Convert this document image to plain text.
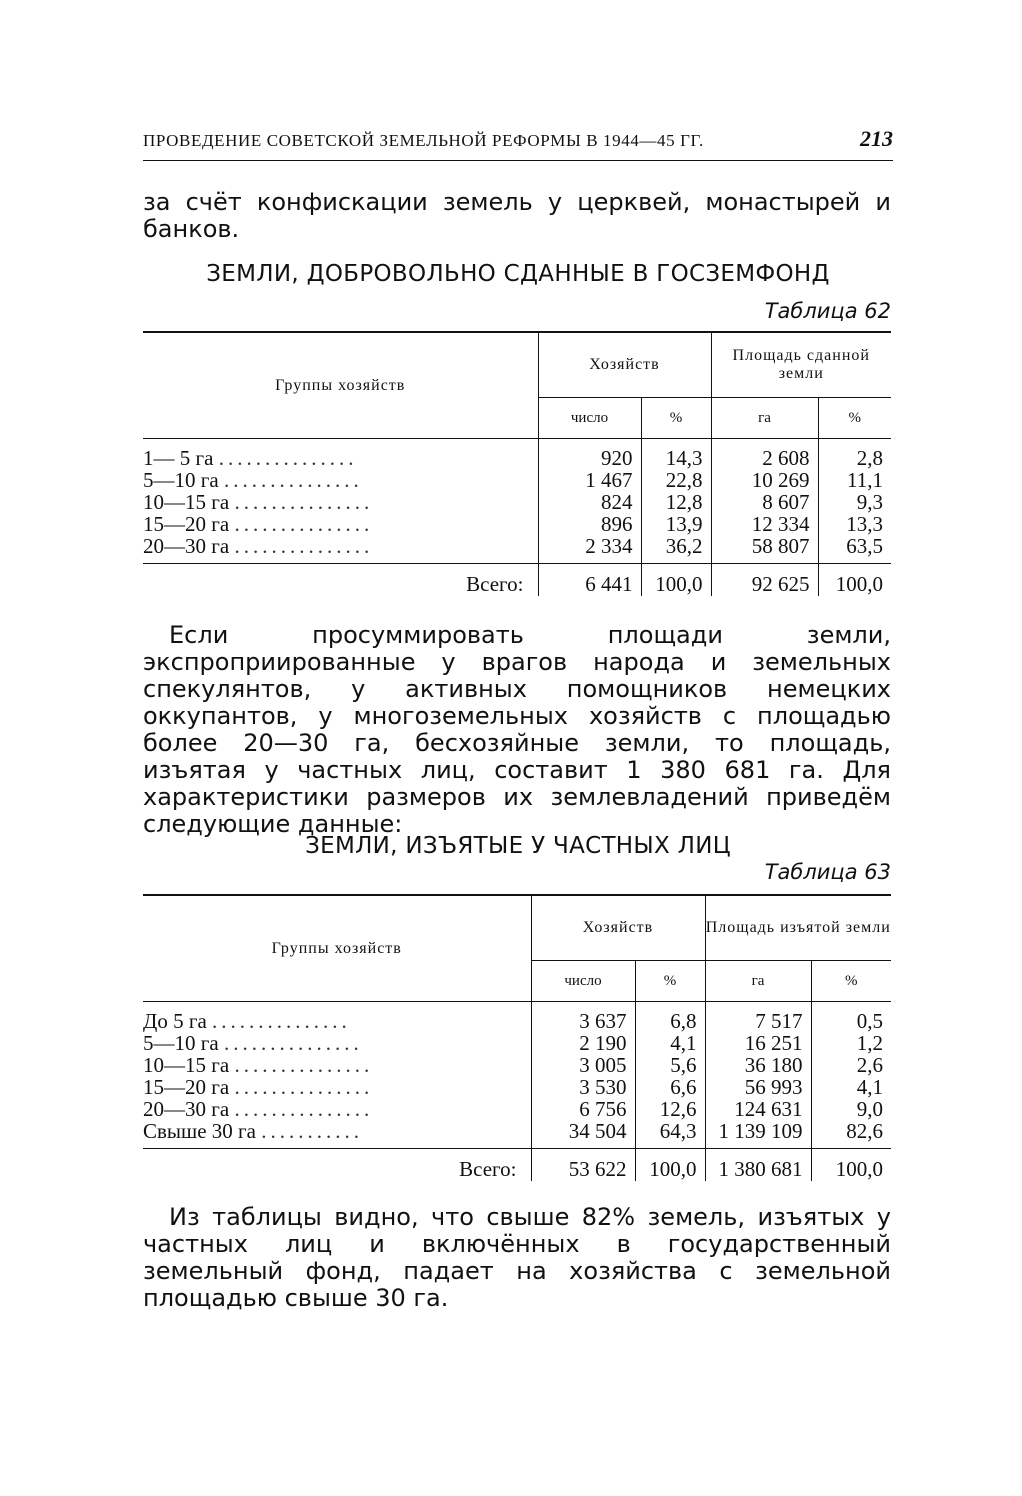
ПРОВЕДЕНИЕ СОВЕТСКОЙ ЗЕМЕЛЬНОЙ РЕФОРМЫ В 1944—45 ГГ.	213

за счёт конфискации земель у церквей, монастырей и банков.

ЗЕМЛИ, ДОБРОВОЛЬНО СДАННЫЕ В ГОСЗЕМФОНД
Таблица 62
Группы хозяйств	Хозяйств		Площадь сданной земли	
	число	%	га	%
1— 5 га ...............	920	14,3	2 608	2,8
5—10 га ...............	1 467	22,8	10 269	11,1
10—15 га ...............	824	12,8	8 607	9,3
15—20 га ...............	896	13,9	12 334	13,3
20—30 га ...............	2 334	36,2	58 807	63,5
Всего:	6 441	100,0	92 625	100,0

Если просуммировать площади земли, экспроприированные у врагов народа и земельных спекулянтов, у активных помощников немецких оккупантов, у многоземельных хозяйств с площадью более 20—30 га, бесхозяйные земли, то площадь, изъятая у частных лиц, составит 1 380 681 га. Для характеристики размеров их землевладений приведём следующие данные:

ЗЕМЛИ, ИЗЪЯТЫЕ У ЧАСТНЫХ ЛИЦ
Таблица 63
Группы хозяйств	Хозяйств		Площадь изъятой земли	
	число	%	га	%
До 5 га ...............	3 637	6,8	7 517	0,5
5—10 га ...............	2 190	4,1	16 251	1,2
10—15 га ...............	3 005	5,6	36 180	2,6
15—20 га ...............	3 530	6,6	56 993	4,1
20—30 га ...............	6 756	12,6	124 631	9,0
Свыше 30 га ...........	34 504	64,3	1 139 109	82,6
Всего:	53 622	100,0	1 380 681	100,0

Из таблицы видно, что свыше 82% земель, изъятых у частных лиц и включённых в государственный земельный фонд, падает на хозяйства с земельной площадью свыше 30 га.
